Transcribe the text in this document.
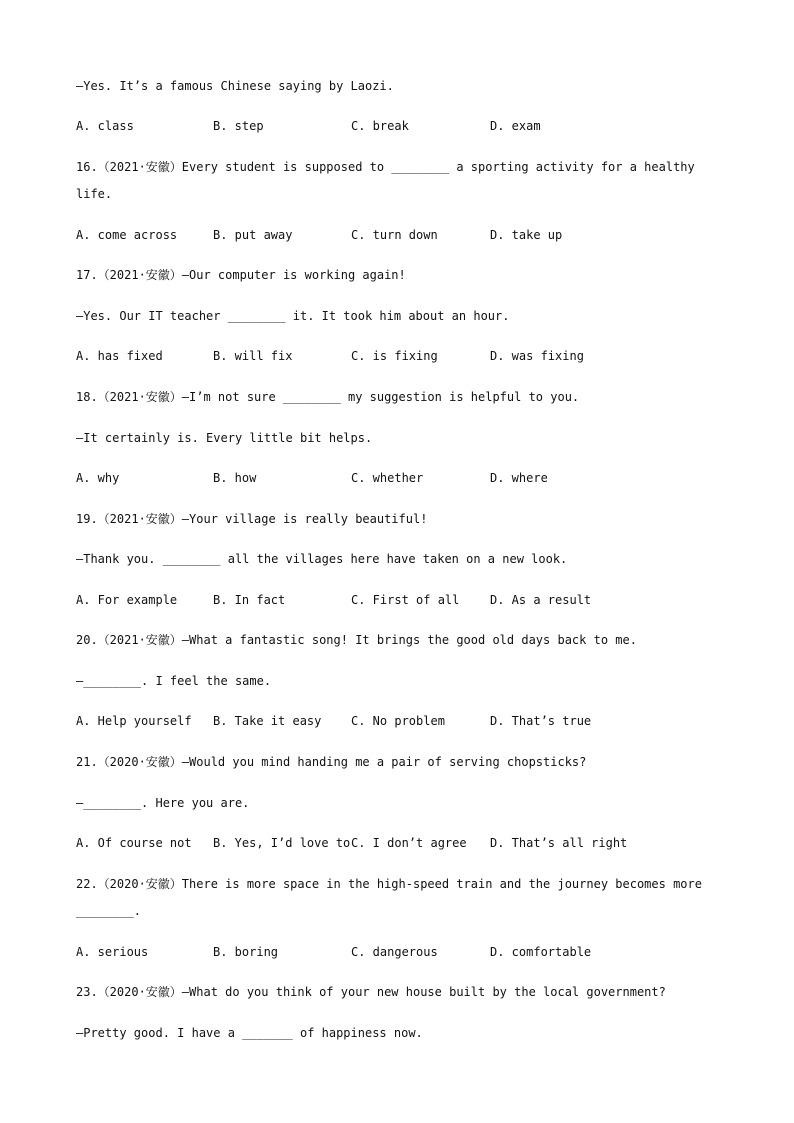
—Yes. It’s a famous Chinese saying by Laozi.
A. class	B. step	C. break	D. exam
16.（2021·安徽）Every student is supposed to ________ a sporting activity for a healthy
life.
A. come across	B. put away	C. turn down	D. take up
17.（2021·安徽）—Our computer is working again!
—Yes. Our IT teacher ________ it. It took him about an hour.
A. has fixed	B. will fix	C. is fixing	D. was fixing
18.（2021·安徽）—I’m not sure ________ my suggestion is helpful to you.
—It certainly is. Every little bit helps.
A. why	B. how	C. whether	D. where
19.（2021·安徽）—Your village is really beautiful!
—Thank you. ________ all the villages here have taken on a new look.
A. For example	B. In fact	C. First of all	D. As a result
20.（2021·安徽）—What a fantastic song! It brings the good old days back to me.
—________. I feel the same.
A. Help yourself B. Take it easy C. No problem	D. That’s true
21.（2020·安徽）—Would you mind handing me a pair of serving chopsticks?
—________. Here you are.
A. Of course not B. Yes, I’d love to C. I don’t agree D. That’s all right
22.（2020·安徽）There is more space in the high-speed train and the journey becomes more
________.
A. serious	B. boring	C. dangerous	D. comfortable
23.（2020·安徽）—What do you think of your new house built by the local government?
—Pretty good. I have a _______ of happiness now.
